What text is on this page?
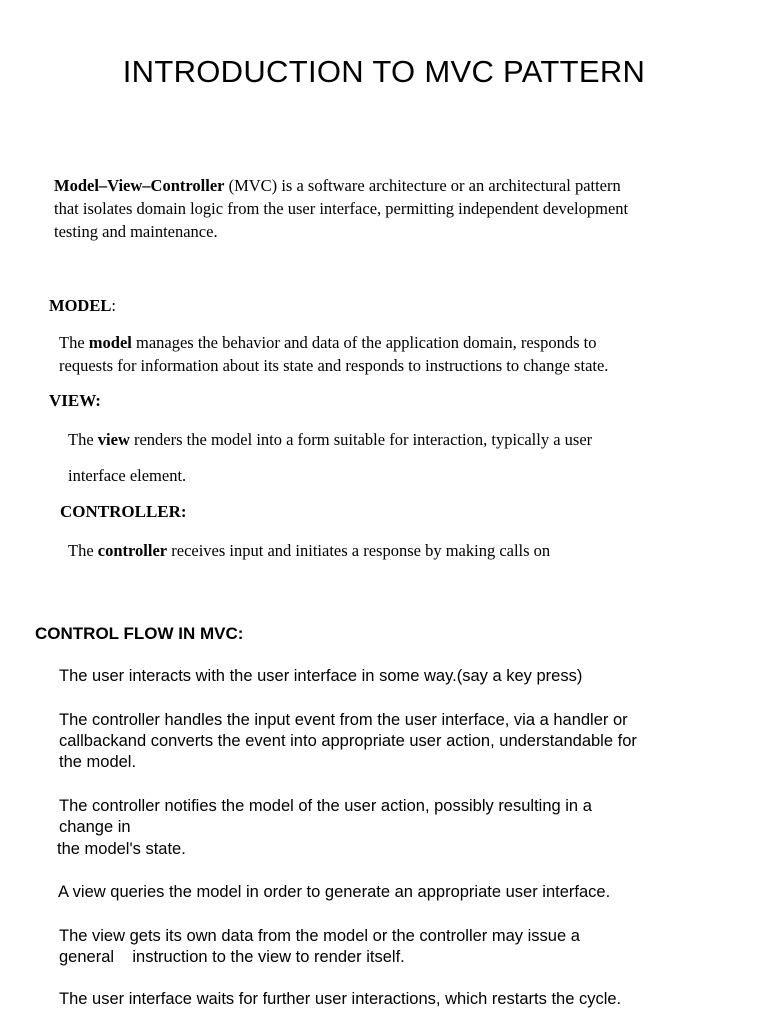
INTRODUCTION TO MVC PATTERN
Model–View–Controller (MVC) is a software architecture or an architectural pattern
that isolates domain logic from the user interface, permitting independent development
testing and maintenance.
MODEL:
The model manages the behavior and data of the application domain, responds to
requests for information about its state and responds to instructions to change state.
VIEW:
The view renders the model into a form suitable for interaction, typically a user
interface element.
CONTROLLER:
The controller receives input and initiates a response by making calls on
CONTROL FLOW IN MVC:
The user interacts with the user interface in some way.(say a key press)
The controller handles the input event from the user interface, via a handler or
callbackand converts the event into appropriate user action, understandable for
the model.
The controller notifies the model of the user action, possibly resulting in a
change in
the model's state.
A view queries the model in order to generate an appropriate user interface.
The view gets its own data from the model or the controller may issue a
general    instruction to the view to render itself.
The user interface waits for further user interactions, which restarts the cycle.
